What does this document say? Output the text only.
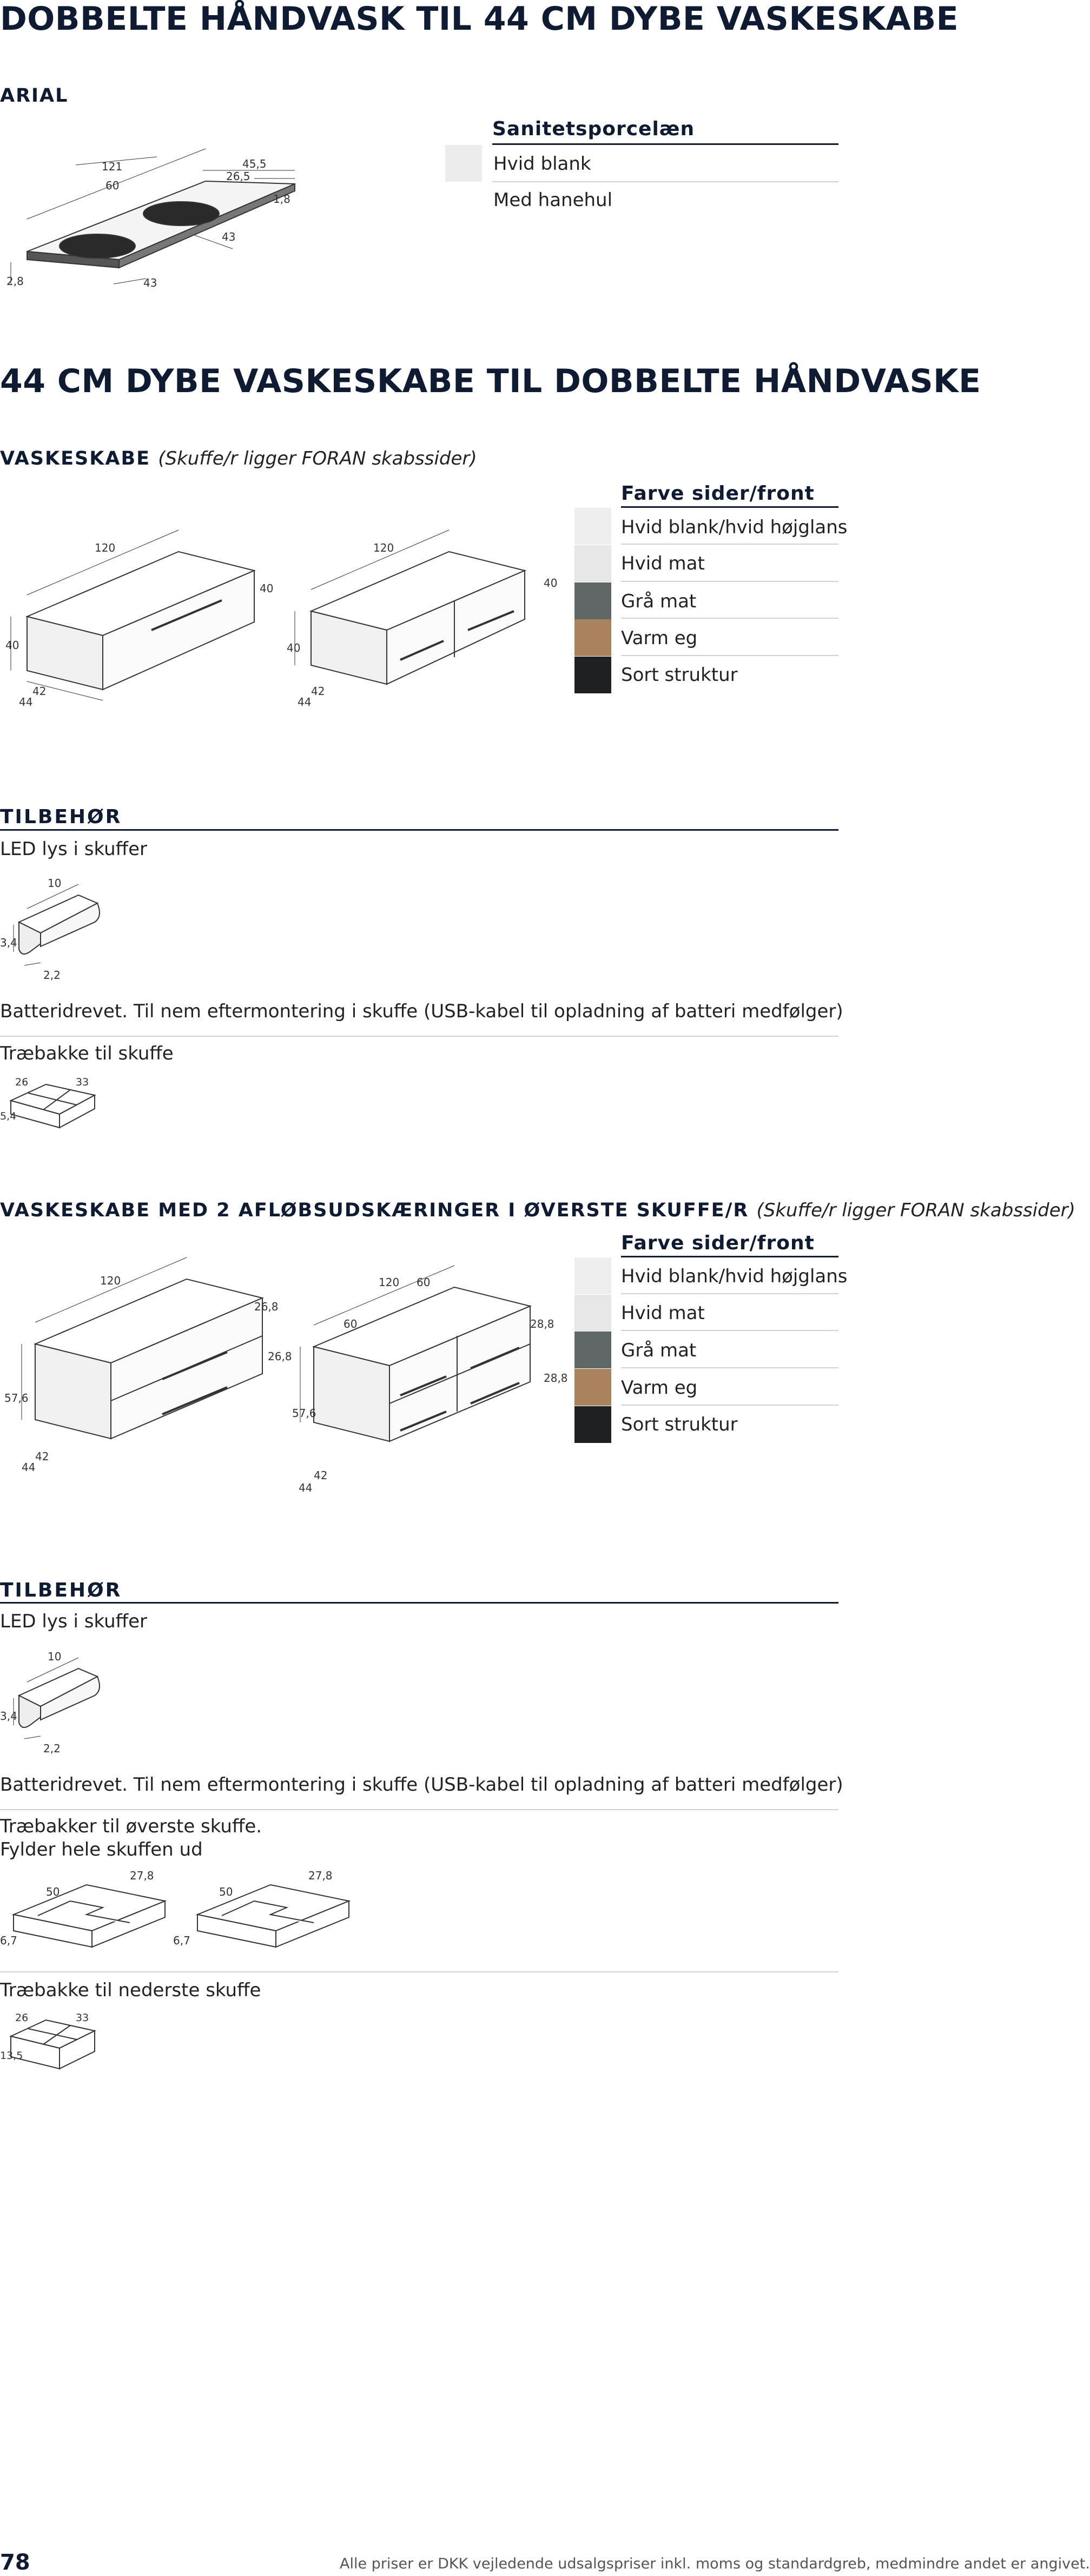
DOBBELTE HÅNDVASK TIL 44 CM DYBE VASKESKABE
ARIAL
121
60
45,5
26,5
1,8
43
43
2,8
Sanitetsporcelæn
Hvid blank
Med hanehul
44 CM DYBE VASKESKABE TIL DOBBELTE HÅNDVASKE
VASKESKABE (Skuffe/r ligger FORAN skabssider)
120
40
40
42
44
120
40
40
42
44
Farve sider/front
Hvid blank/hvid højglans
Hvid mat
Grå mat
Varm eg
Sort struktur
TILBEHØR
LED lys i skuffer
10
3,4
2,2
Batteridrevet. Til nem eftermontering i skuffe (USB-kabel til opladning af batteri medfølger)
Træbakke til skuffe
26	33
5,4
VASKESKABE MED 2 AFLØBSUDSKÆRINGER I ØVERSTE SKUFFE/R (Skuffe/r ligger FORAN skabssider)
120
26,8
26,8
57,6
42
44
120 60
60	28,8
28,8
57,6
42
44
Farve sider/front
Hvid blank/hvid højglans
Hvid mat
Grå mat
Varm eg
Sort struktur
TILBEHØR
LED lys i skuffer
10
3,4
2,2
Batteridrevet. Til nem eftermontering i skuffe (USB-kabel til opladning af batteri medfølger)
Træbakker til øverste skuffe.
Fylder hele skuffen ud
50
27,8
6,7
50
27,8
6,7
Træbakke til nederste skuffe
26	33
13,5
78	Alle priser er DKK vejledende udsalgspriser inkl. moms og standardgreb, medmindre andet er angivet.
